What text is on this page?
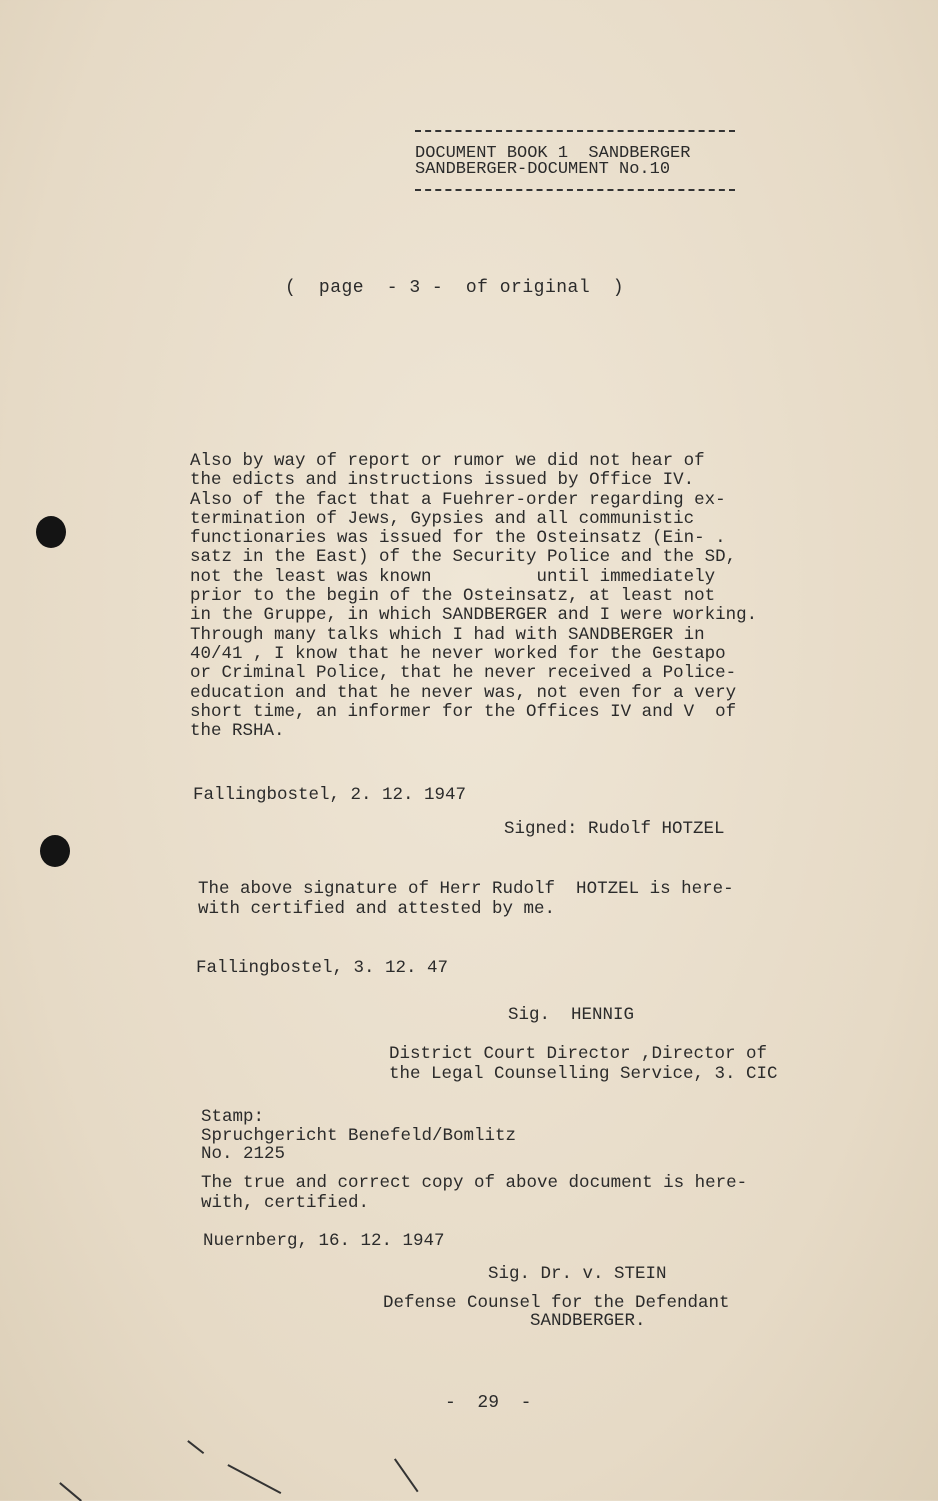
DOCUMENT BOOK 1  SANDBERGER
SANDBERGER-DOCUMENT No.10
(  page  - 3 -  of original  )
Also by way of report or rumor we did not hear of
the edicts and instructions issued by Office IV.
Also of the fact that a Fuehrer-order regarding ex-
termination of Jews, Gypsies and all communistic
functionaries was issued for the Osteinsatz (Ein- .
satz in the East) of the Security Police and the SD,
not the least was known          until immediately
prior to the begin of the Osteinsatz, at least not
in the Gruppe, in which SANDBERGER and I were working.
Through many talks which I had with SANDBERGER in
40/41 , I know that he never worked for the Gestapo
or Criminal Police, that he never received a Police-
education and that he never was, not even for a very
short time, an informer for the Offices IV and V  of
the RSHA.
Fallingbostel, 2. 12. 1947
Signed: Rudolf HOTZEL
The above signature of Herr Rudolf  HOTZEL is here-
with certified and attested by me.
Fallingbostel, 3. 12. 47
Sig.  HENNIG
District Court Director ,Director of
the Legal Counselling Service, 3. CIC
Stamp:
Spruchgericht Benefeld/Bomlitz
No. 2125
The true and correct copy of above document is here-
with, certified.
Nuernberg, 16. 12. 1947
Sig. Dr. v. STEIN
Defense Counsel for the Defendant
SANDBERGER.
-  29  -
